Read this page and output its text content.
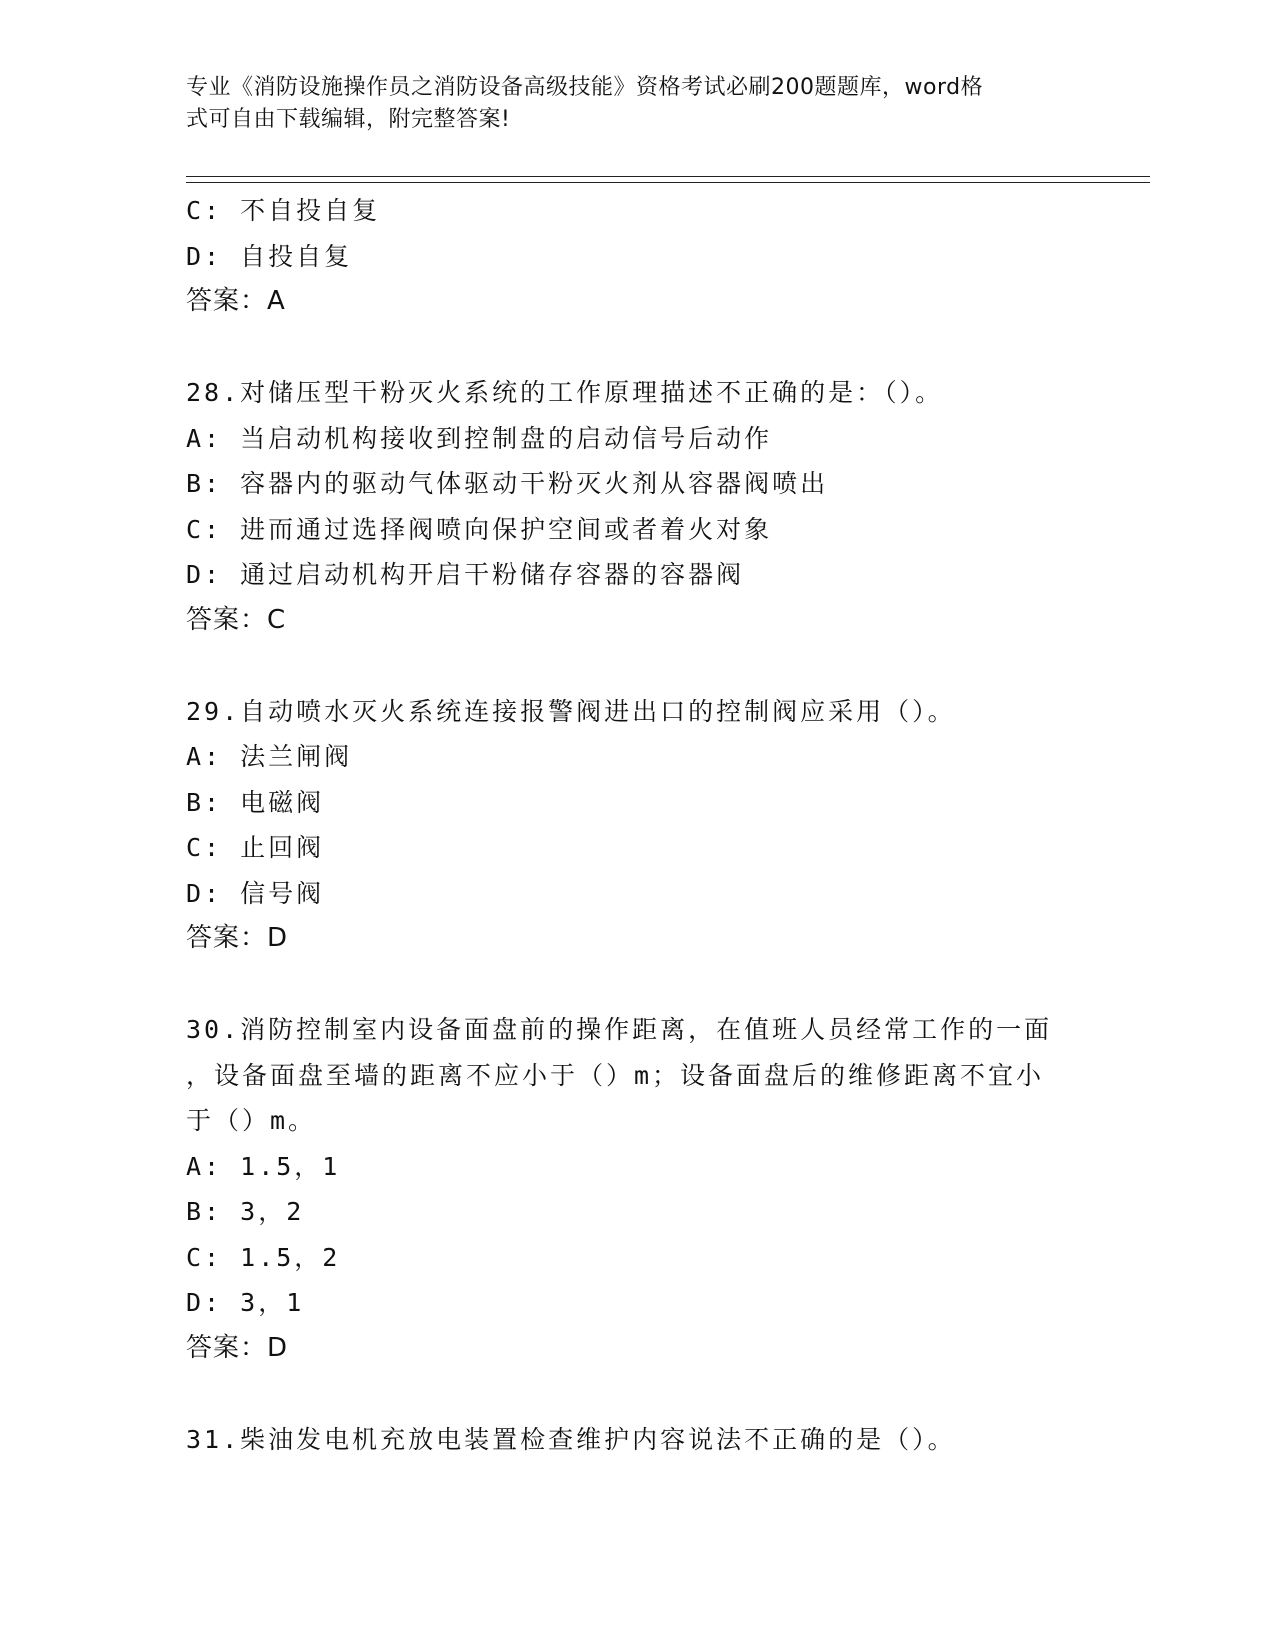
专业《消防设施操作员之消防设备高级技能》资格考试必刷200题题库，word格
式可自由下载编辑，附完整答案!
C: 不自投自复
D: 自投自复
答案：A
28.对储压型干粉灭火系统的工作原理描述不正确的是：（）。
A: 当启动机构接收到控制盘的启动信号后动作
B: 容器内的驱动气体驱动干粉灭火剂从容器阀喷出
C: 进而通过选择阀喷向保护空间或者着火对象
D: 通过启动机构开启干粉储存容器的容器阀
答案：C
29.自动喷水灭火系统连接报警阀进出口的控制阀应采用（）。
A: 法兰闸阀
B: 电磁阀
C: 止回阀
D: 信号阀
答案：D
30.消防控制室内设备面盘前的操作距离，在值班人员经常工作的一面
，设备面盘至墙的距离不应小于（）m；设备面盘后的维修距离不宜小
于（）m。
A: 1.5，1
B: 3，2
C: 1.5，2
D: 3，1
答案：D
31.柴油发电机充放电装置检查维护内容说法不正确的是（）。
